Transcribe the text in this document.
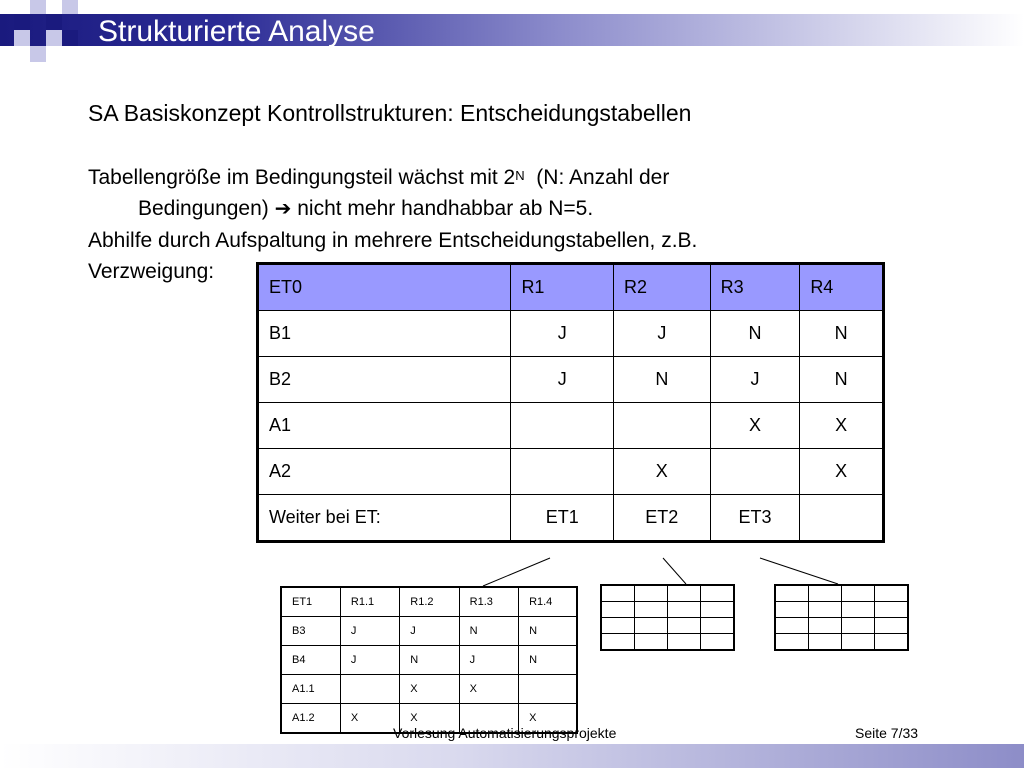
Strukturierte Analyse
SA Basiskonzept Kontrollstrukturen: Entscheidungstabellen
Tabellengröße im Bedingungsteil wächst mit $2^N$  (N: Anzahl der
Bedingungen) ➔ nicht mehr handhabbar ab N=5.
Abhilfe durch Aufspaltung in mehrere Entscheidungstabellen, z.B.
Verzweigung:
ET0	R1	R2	R3	R4
B1	J	J	N	N
B2	J	N	J	N
A1			X	X
A2		X		X
Weiter bei ET:	ET1	ET2	ET3	
ET1	R1.1	R1.2	R1.3	R1.4
B3	J	J	N	N
B4	J	N	J	N
A1.1		X	X	
A1.2	X	X		X

Vorlesung Automatisierungsprojekte	Seite 7/33
